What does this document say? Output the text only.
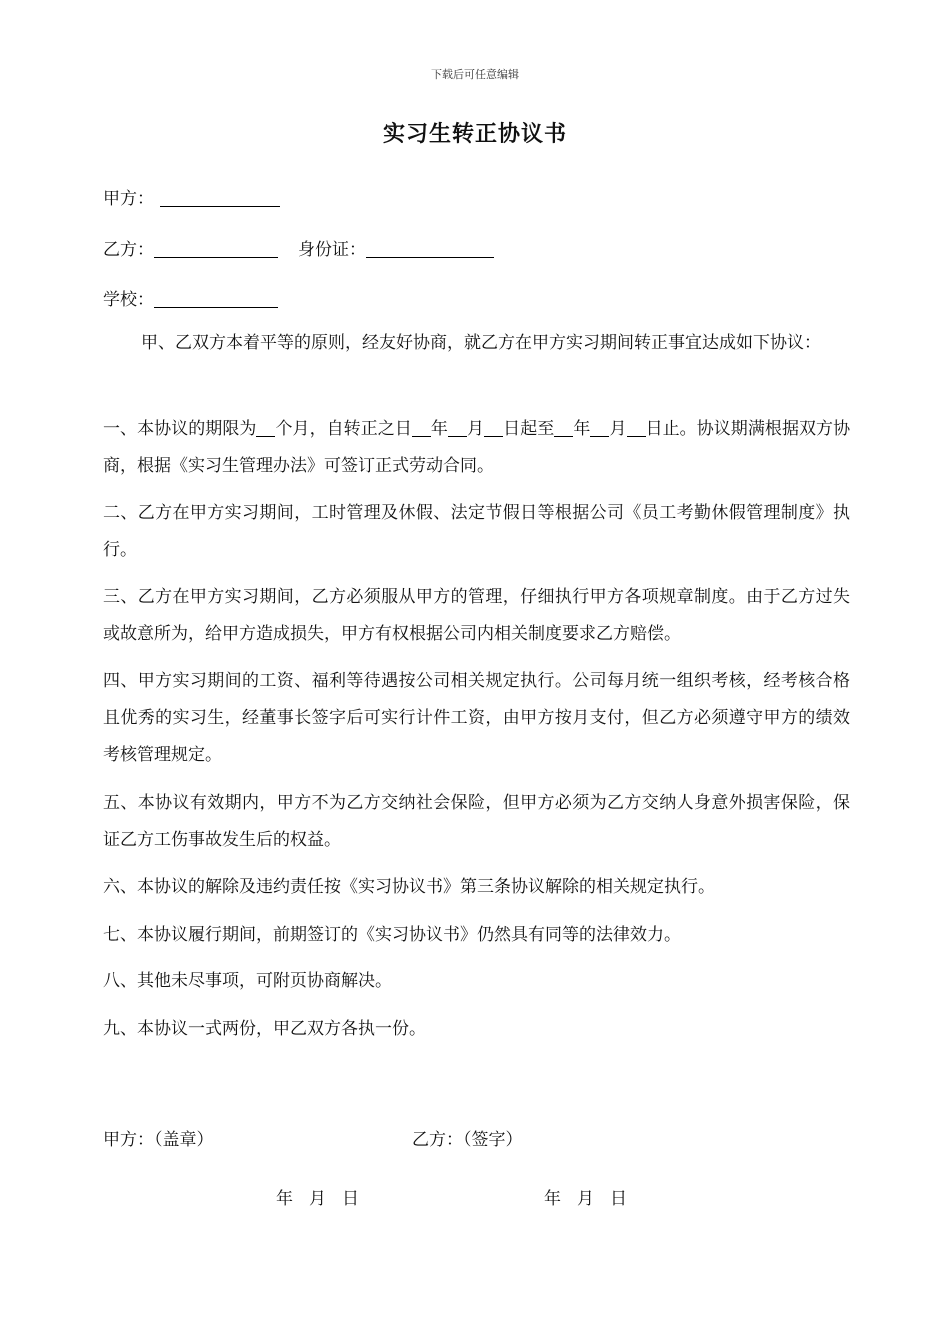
下载后可任意编辑
实习生转正协议书
甲方：
乙方：	身份证：
学校：
甲、乙双方本着平等的原则，经友好协商，就乙方在甲方实习期间转正事宜达成如下协议：
一、本协议的期限为 个月，自转正之日 年 月 日起至 年 月 日止。协议期满根据双方协商，根据《实习生管理办法》可签订正式劳动合同。
二、乙方在甲方实习期间，工时管理及休假、法定节假日等根据公司《员工考勤休假管理制度》执行。
三、乙方在甲方实习期间，乙方必须服从甲方的管理，仔细执行甲方各项规章制度。由于乙方过失或故意所为，给甲方造成损失，甲方有权根据公司内相关制度要求乙方赔偿。
四、甲方实习期间的工资、福利等待遇按公司相关规定执行。公司每月统一组织考核，经考核合格且优秀的实习生，经董事长签字后可实行计件工资，由甲方按月支付，但乙方必须遵守甲方的绩效考核管理规定。
五、本协议有效期内，甲方不为乙方交纳社会保险，但甲方必须为乙方交纳人身意外损害保险，保证乙方工伤事故发生后的权益。
六、本协议的解除及违约责任按《实习协议书》第三条协议解除的相关规定执行。
七、本协议履行期间，前期签订的《实习协议书》仍然具有同等的法律效力。
八、其他未尽事项，可附页协商解决。
九、本协议一式两份，甲乙双方各执一份。
甲方：（盖章）	乙方：（签字）
年 月 日	年 月 日
